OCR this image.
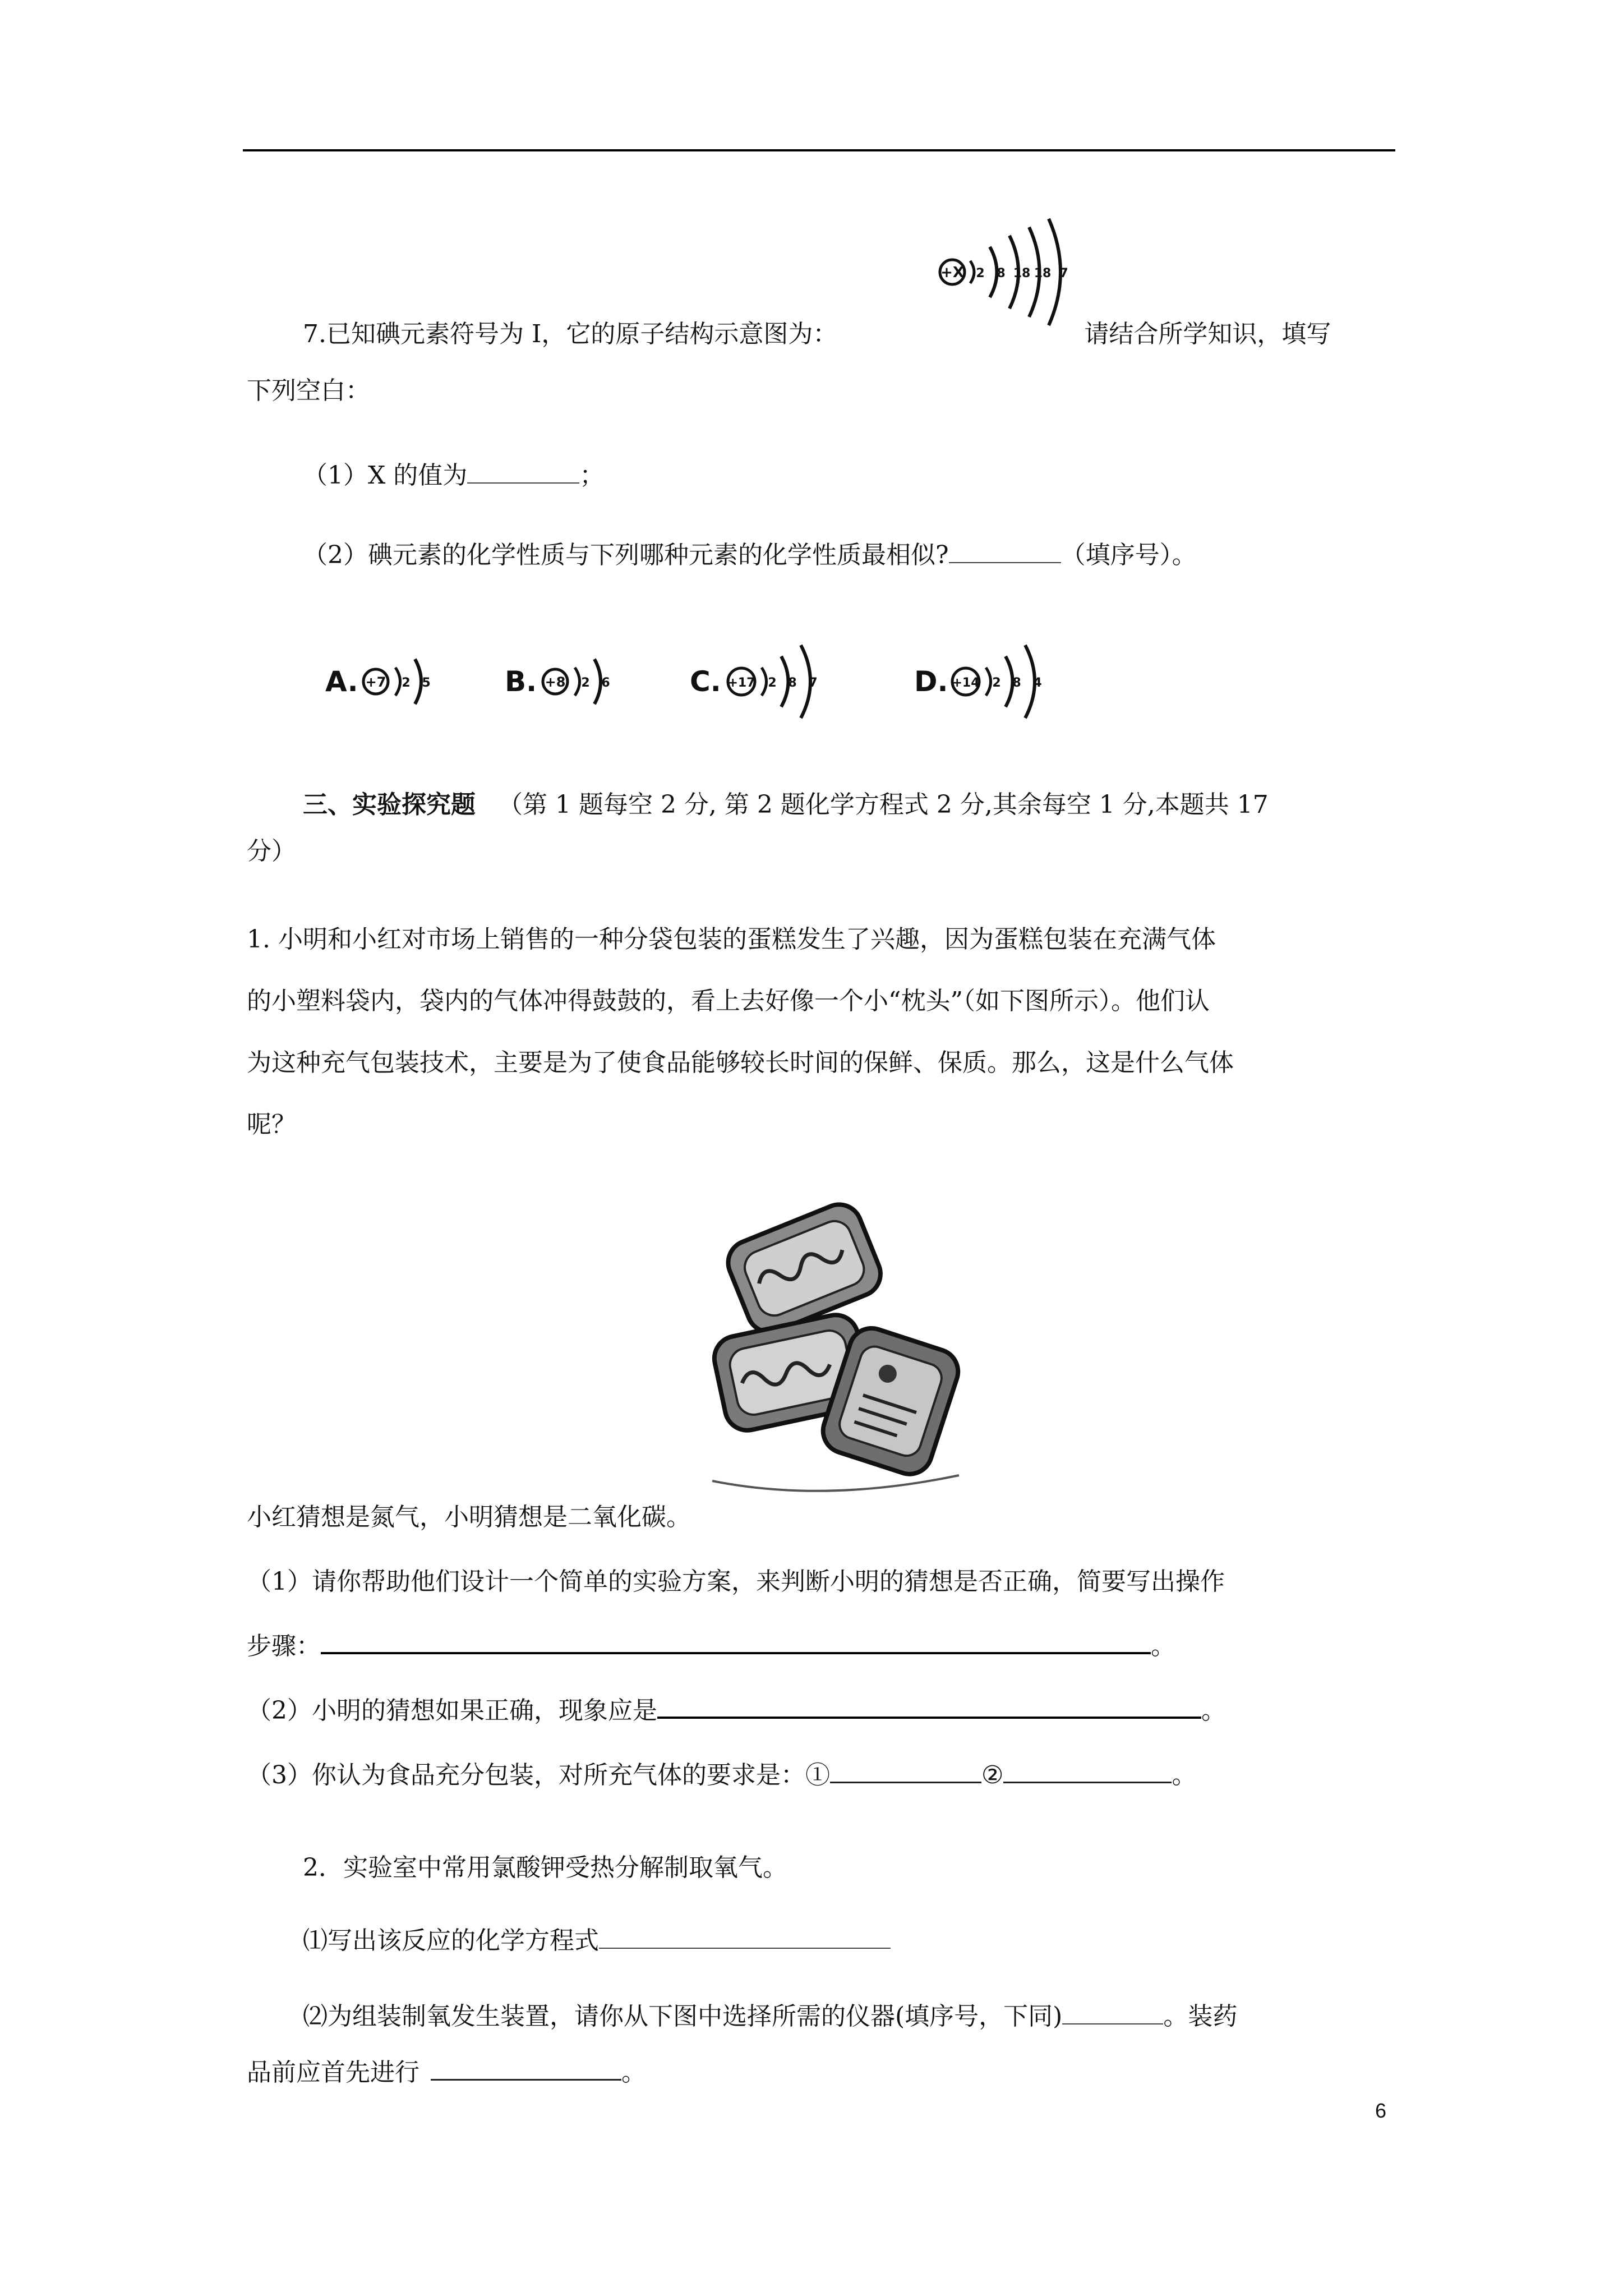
+X 2 8 18 18 7
7.已知碘元素符号为 I，它的原子结构示意图为：	请结合所学知识，填写
下列空白：
（1）X 的值为	；
（2）碘元素的化学性质与下列哪种元素的化学性质最相似?	（填序号）。
A. +7 2 5	B. +8 2 6	C. +17 2 8 7	D. +14 2 8 4
三、实验探究题 （第 1 题每空 2 分, 第 2 题化学方程式 2 分,其余每空 1 分,本题共 17
分）
1. 小明和小红对市场上销售的一种分袋包装的蛋糕发生了兴趣，因为蛋糕包装在充满气体
的小塑料袋内，袋内的气体冲得鼓鼓的，看上去好像一个小“枕头”（如下图所示）。他们认
为这种充气包装技术，主要是为了使食品能够较长时间的保鲜、保质。那么，这是什么气体
呢？
小红猜想是氮气，小明猜想是二氧化碳。
（1）请你帮助他们设计一个简单的实验方案，来判断小明的猜想是否正确，简要写出操作
步骤：	。
（2）小明的猜想如果正确，现象应是	。
（3）你认为食品充分包装，对所充气体的要求是：①	②	。
2．实验室中常用氯酸钾受热分解制取氧气。
⑴写出该反应的化学方程式
⑵为组装制氧发生装置，请你从下图中选择所需的仪器(填序号，下同)	。装药
品前应首先进行	。
6
